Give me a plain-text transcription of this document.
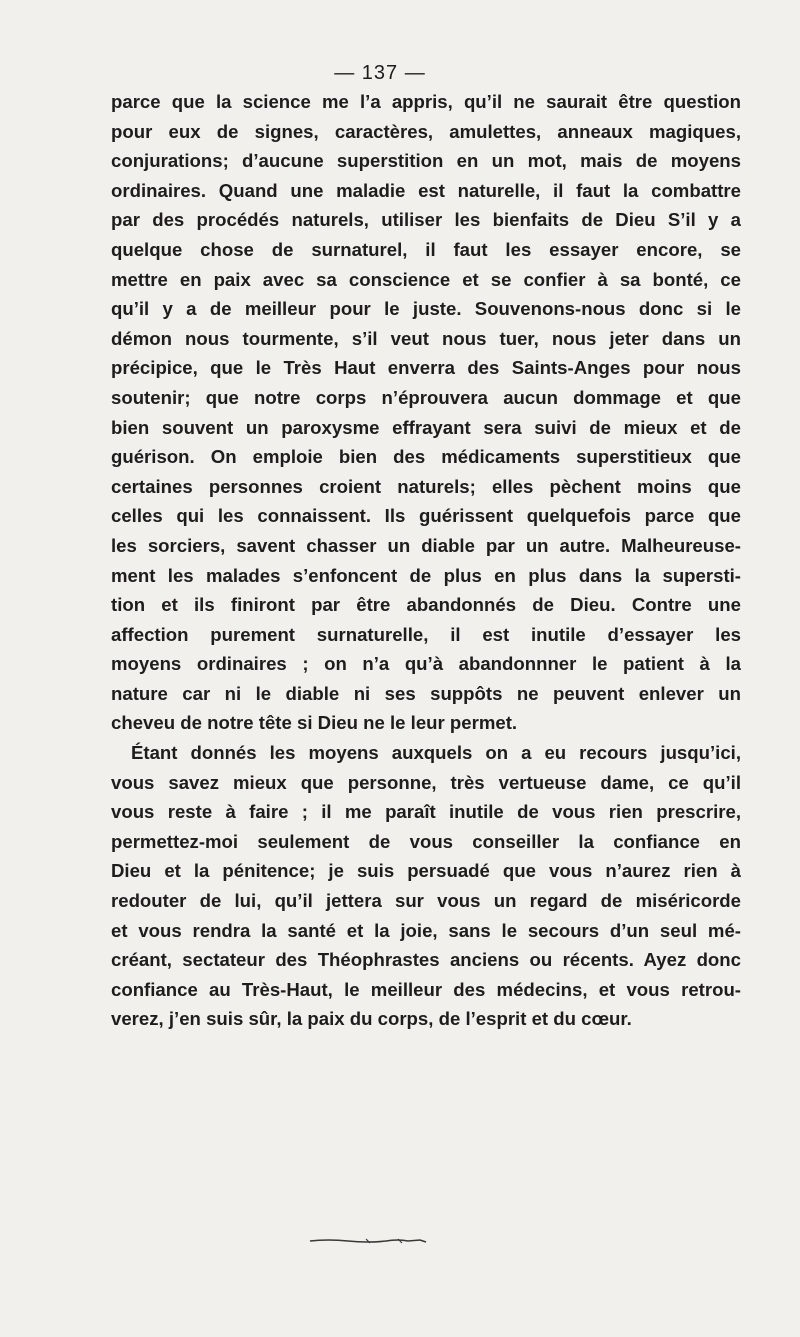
— 137 —
parce que la science me l’a appris, qu’il ne saurait être question
pour eux de signes, caractères, amulettes, anneaux magiques,
conjurations; d’aucune superstition en un mot, mais de moyens
ordinaires. Quand une maladie est naturelle, il faut la combattre
par des procédés naturels, utiliser les bienfaits de Dieu S’il y a
quelque chose de surnaturel, il faut les essayer encore, se
mettre en paix avec sa conscience et se confier à sa bonté, ce
qu’il y a de meilleur pour le juste. Souvenons-nous donc si le
démon nous tourmente, s’il veut nous tuer, nous jeter dans un
précipice, que le Très Haut enverra des Saints-Anges pour nous
soutenir; que notre corps n’éprouvera aucun dommage et que
bien souvent un paroxysme effrayant sera suivi de mieux et de
guérison. On emploie bien des médicaments superstitieux que
certaines personnes croient naturels; elles pèchent moins que
celles qui les connaissent. Ils guérissent quelquefois parce que
les sorciers, savent chasser un diable par un autre. Malheureuse-
ment les malades s’enfoncent de plus en plus dans la supersti-
tion et ils finiront par être abandonnés de Dieu. Contre une
affection purement surnaturelle, il est inutile d’essayer les
moyens ordinaires ; on n’a qu’à abandonnner le patient à la
nature car ni le diable ni ses suppôts ne peuvent enlever un
cheveu de notre tête si Dieu ne le leur permet.
Étant donnés les moyens auxquels on a eu recours jusqu’ici,
vous savez mieux que personne, très vertueuse dame, ce qu’il
vous reste à faire ; il me paraît inutile de vous rien prescrire,
permettez-moi seulement de vous conseiller la confiance en
Dieu et la pénitence; je suis persuadé que vous n’aurez rien à
redouter de lui, qu’il jettera sur vous un regard de miséricorde
et vous rendra la santé et la joie, sans le secours d’un seul mé-
créant, sectateur des Théophrastes anciens ou récents. Ayez donc
confiance au Très-Haut, le meilleur des médecins, et vous retrou-
verez, j’en suis sûr, la paix du corps, de l’esprit et du cœur.
